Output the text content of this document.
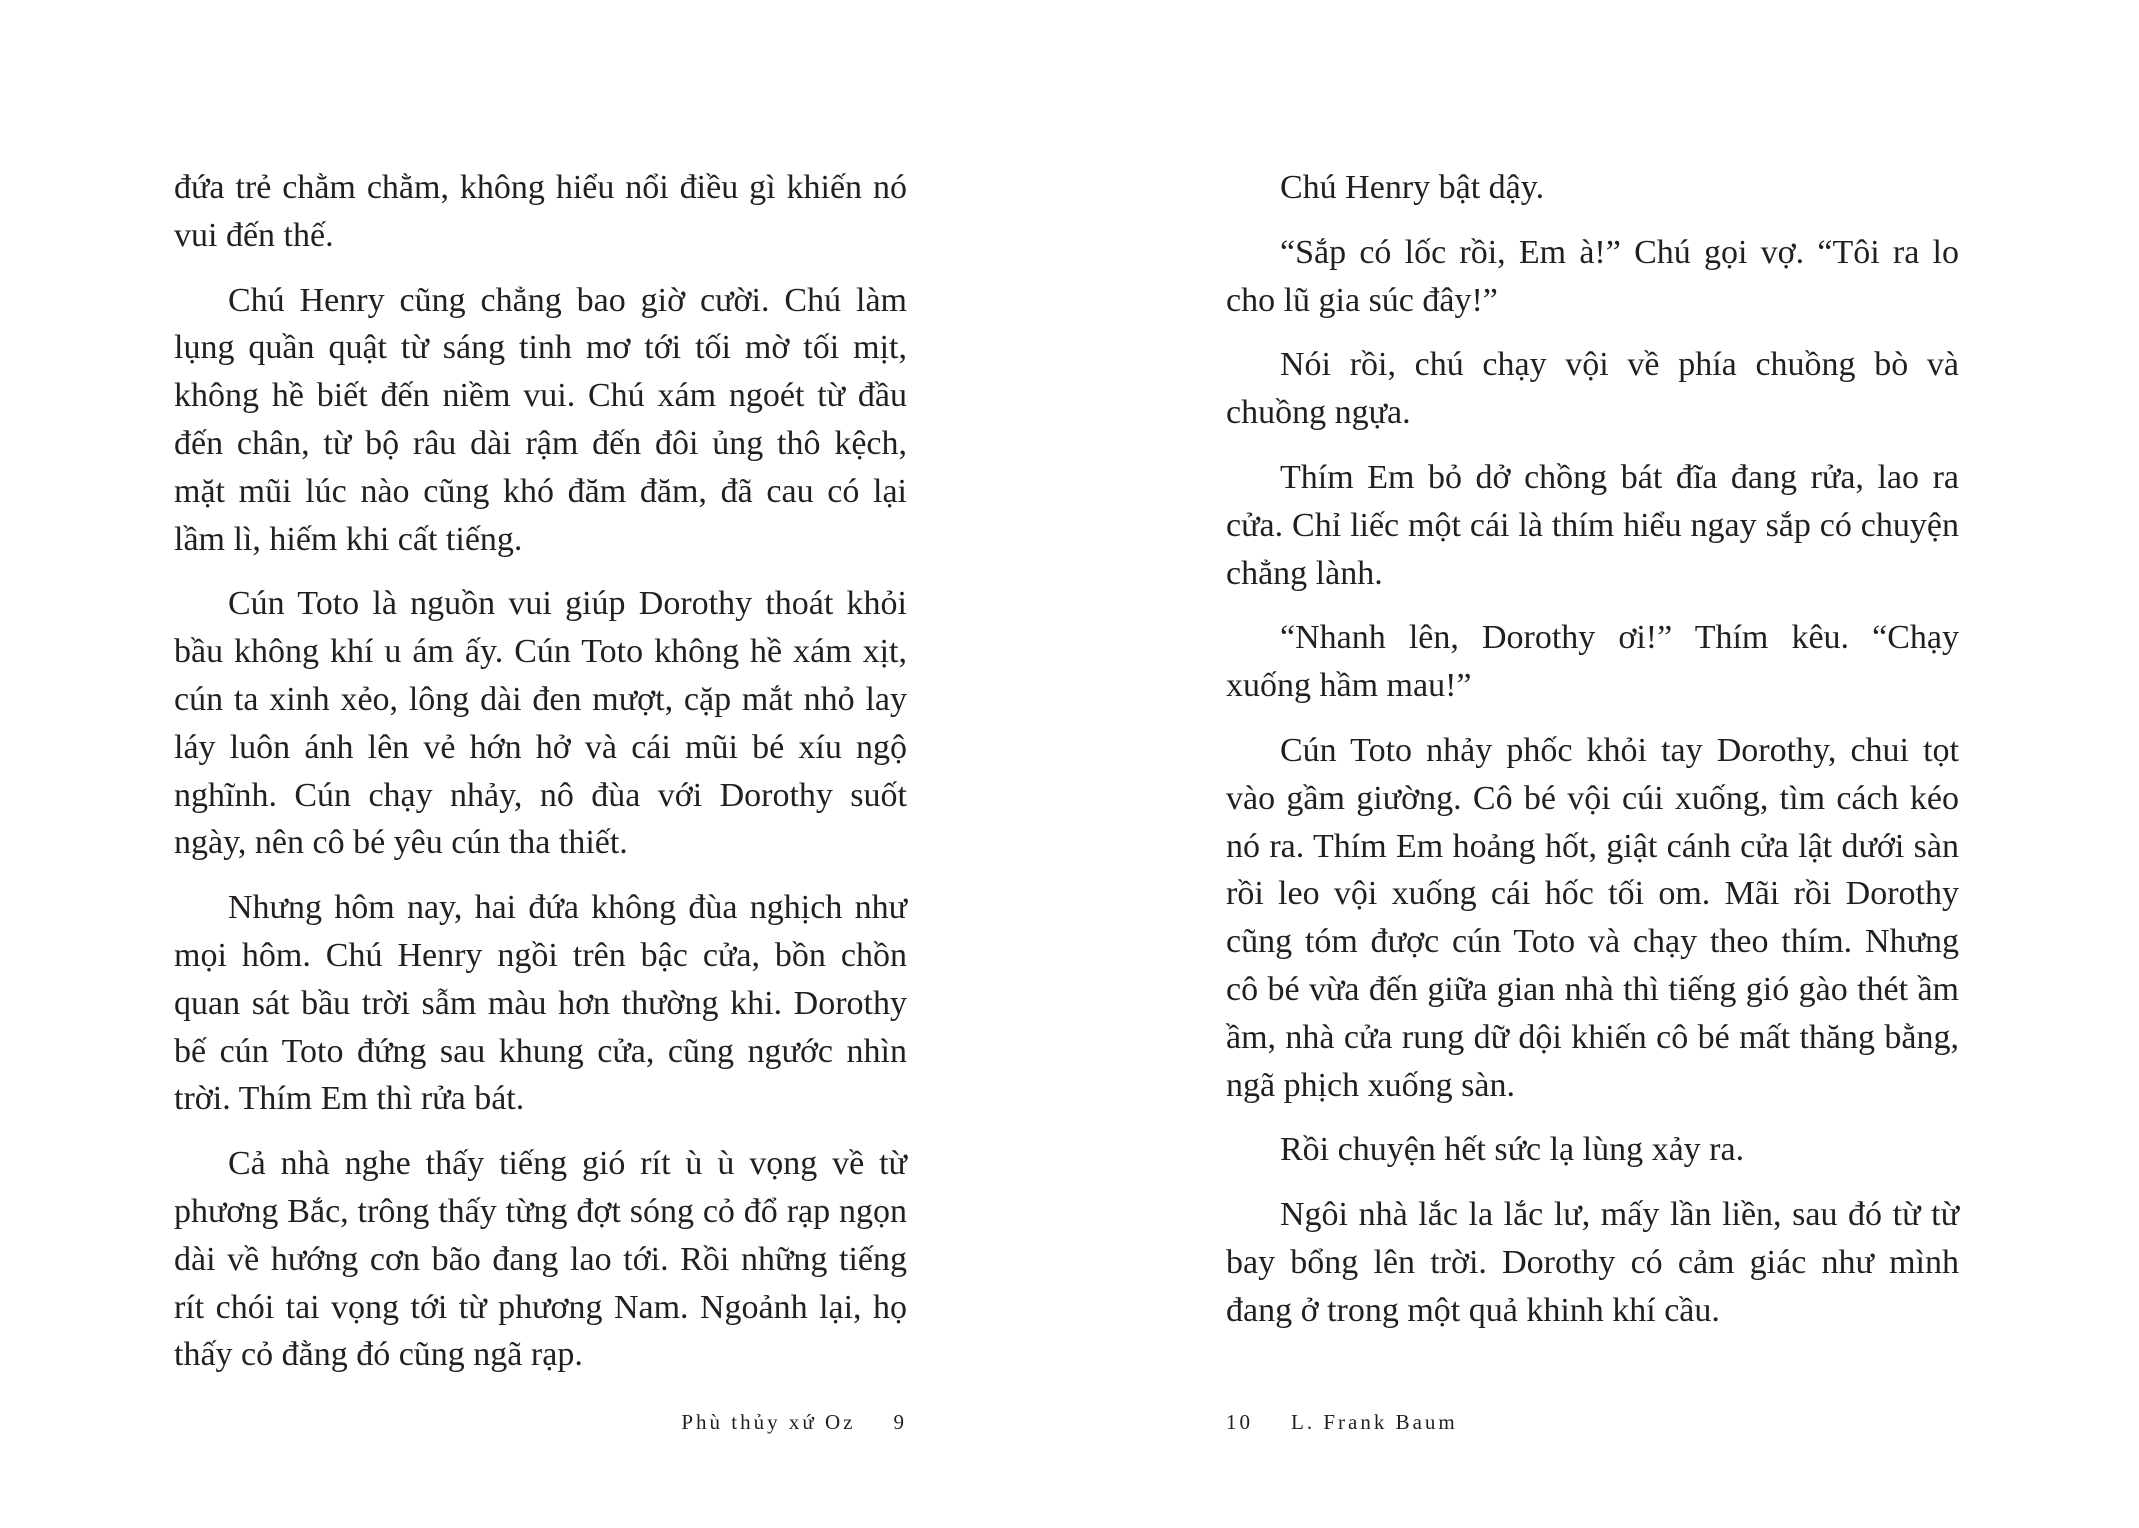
đứa trẻ chằm chằm, không hiểu nổi điều gì khiến nó vui đến thế.

Chú Henry cũng chẳng bao giờ cười. Chú làm lụng quần quật từ sáng tinh mơ tới tối mờ tối mịt, không hề biết đến niềm vui. Chú xám ngoét từ đầu đến chân, từ bộ râu dài rậm đến đôi ủng thô kệch, mặt mũi lúc nào cũng khó đăm đăm, đã cau có lại lầm lì, hiếm khi cất tiếng.

Cún Toto là nguồn vui giúp Dorothy thoát khỏi bầu không khí u ám ấy. Cún Toto không hề xám xịt, cún ta xinh xẻo, lông dài đen mượt, cặp mắt nhỏ lay láy luôn ánh lên vẻ hớn hở và cái mũi bé xíu ngộ nghĩnh. Cún chạy nhảy, nô đùa với Dorothy suốt ngày, nên cô bé yêu cún tha thiết.

Nhưng hôm nay, hai đứa không đùa nghịch như mọi hôm. Chú Henry ngồi trên bậc cửa, bồn chồn quan sát bầu trời sẫm màu hơn thường khi. Dorothy bế cún Toto đứng sau khung cửa, cũng ngước nhìn trời. Thím Em thì rửa bát.

Cả nhà nghe thấy tiếng gió rít ù ù vọng về từ phương Bắc, trông thấy từng đợt sóng cỏ đổ rạp ngọn dài về hướng cơn bão đang lao tới. Rồi những tiếng rít chói tai vọng tới từ phương Nam. Ngoảnh lại, họ thấy cỏ đằng đó cũng ngã rạp.

Phù thủy xứ Oz 9

Chú Henry bật dậy.

“Sắp có lốc rồi, Em à!” Chú gọi vợ. “Tôi ra lo cho lũ gia súc đây!”

Nói rồi, chú chạy vội về phía chuồng bò và chuồng ngựa.

Thím Em bỏ dở chồng bát đĩa đang rửa, lao ra cửa. Chỉ liếc một cái là thím hiểu ngay sắp có chuyện chẳng lành.

“Nhanh lên, Dorothy ơi!” Thím kêu. “Chạy xuống hầm mau!”

Cún Toto nhảy phốc khỏi tay Dorothy, chui tọt vào gầm giường. Cô bé vội cúi xuống, tìm cách kéo nó ra. Thím Em hoảng hốt, giật cánh cửa lật dưới sàn rồi leo vội xuống cái hốc tối om. Mãi rồi Dorothy cũng tóm được cún Toto và chạy theo thím. Nhưng cô bé vừa đến giữa gian nhà thì tiếng gió gào thét ầm ầm, nhà cửa rung dữ dội khiến cô bé mất thăng bằng, ngã phịch xuống sàn.

Rồi chuyện hết sức lạ lùng xảy ra.

Ngôi nhà lắc la lắc lư, mấy lần liền, sau đó từ từ bay bổng lên trời. Dorothy có cảm giác như mình đang ở trong một quả khinh khí cầu.

10 L. Frank Baum
